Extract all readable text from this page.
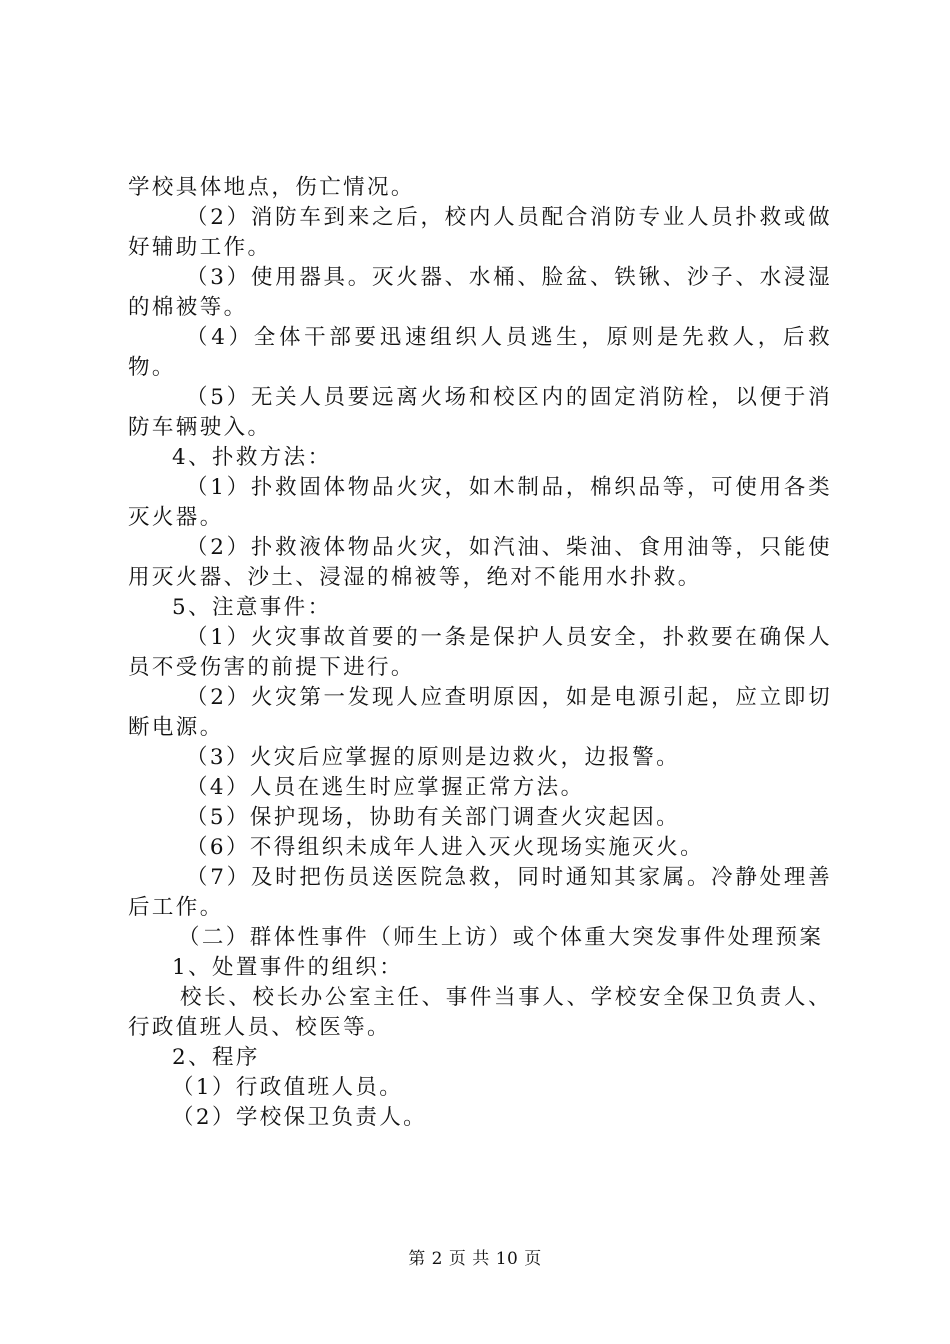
学校具体地点，伤亡情况。

（2）消防车到来之后，校内人员配合消防专业人员扑救或做好辅助工作。

（3）使用器具。灭火器、水桶、脸盆、铁锹、沙子、水浸湿的棉被等。

（4）全体干部要迅速组织人员逃生，原则是先救人，后救物。

（5）无关人员要远离火场和校区内的固定消防栓，以便于消防车辆驶入。

4、扑救方法：

（1）扑救固体物品火灾，如木制品，棉织品等，可使用各类灭火器。

（2）扑救液体物品火灾，如汽油、柴油、食用油等，只能使用灭火器、沙土、浸湿的棉被等，绝对不能用水扑救。

5、注意事件：

（1）火灾事故首要的一条是保护人员安全，扑救要在确保人员不受伤害的前提下进行。

（2）火灾第一发现人应查明原因，如是电源引起，应立即切断电源。

（3）火灾后应掌握的原则是边救火，边报警。

（4）人员在逃生时应掌握正常方法。

（5）保护现场，协助有关部门调查火灾起因。

（6）不得组织未成年人进入灭火现场实施灭火。

（7）及时把伤员送医院急救，同时通知其家属。冷静处理善后工作。

（二）群体性事件（师生上访）或个体重大突发事件处理预案

1、处置事件的组织：

校长、校长办公室主任、事件当事人、学校安全保卫负责人、行政值班人员、校医等。

2、程序

（1）行政值班人员。

（2）学校保卫负责人。

第 2 页 共 10 页
